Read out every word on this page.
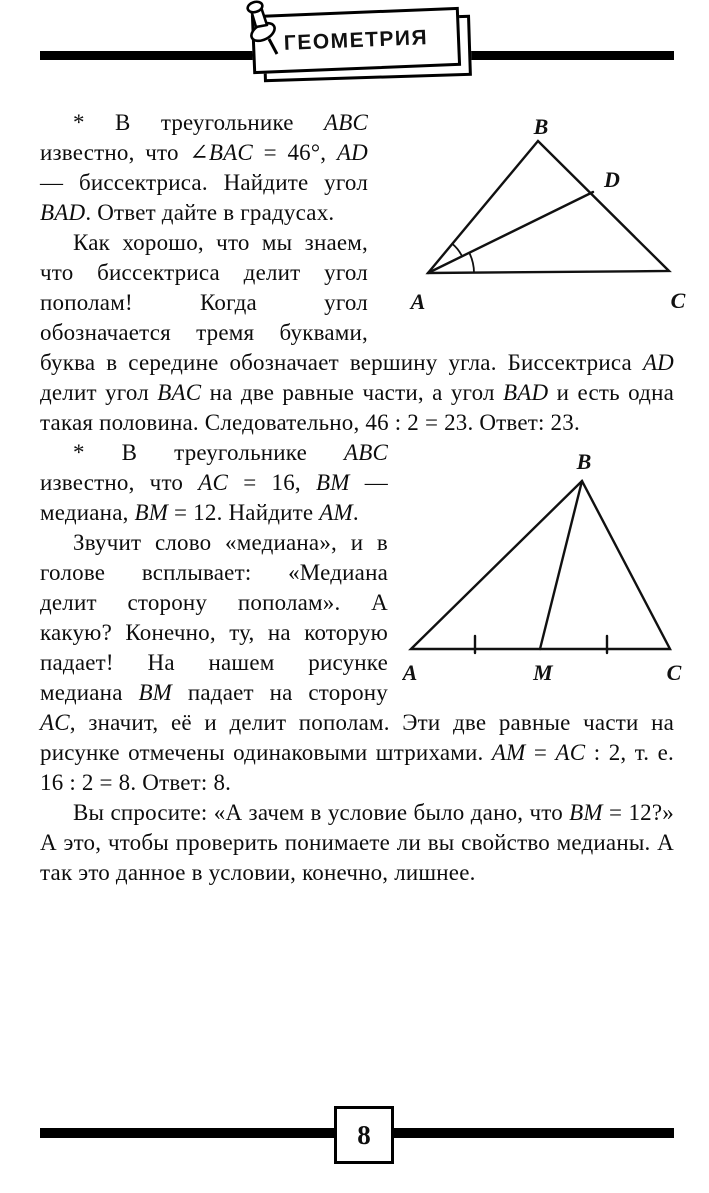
ГЕОМЕТРИЯ
B
D
A	C

* В треугольнике ABC известно, что ∠BAC = 46°, AD — биссектриса. Найдите угол BAD. Ответ дайте в градусах.

Как хорошо, что мы знаем, что биссектриса делит угол пополам! Когда угол обозначается тремя буквами, буква в середине обозначает вершину угла. Биссектриса AD делит угол BAC на две равные части, а угол BAD и есть одна такая половина. Следовательно, 46 : 2 = 23. Ответ: 23.

B
A	M	C

* В треугольнике ABC известно, что AC = 16, BM — медиана, BM = 12. Найдите AM.

Звучит слово «медиана», и в голове всплывает: «Медиана делит сторону пополам». А какую? Конечно, ту, на которую падает! На нашем рисунке медиана BM падает на сторону AC, значит, её и делит пополам. Эти две равные части на рисунке отмечены одинаковыми штрихами. AM = AC : 2, т. е. 16 : 2 = 8. Ответ: 8.

Вы спросите: «А зачем в условие было дано, что BM = 12?» А это, чтобы проверить понимаете ли вы свойство медианы. А так это данное в условии, конечно, лишнее.

8
